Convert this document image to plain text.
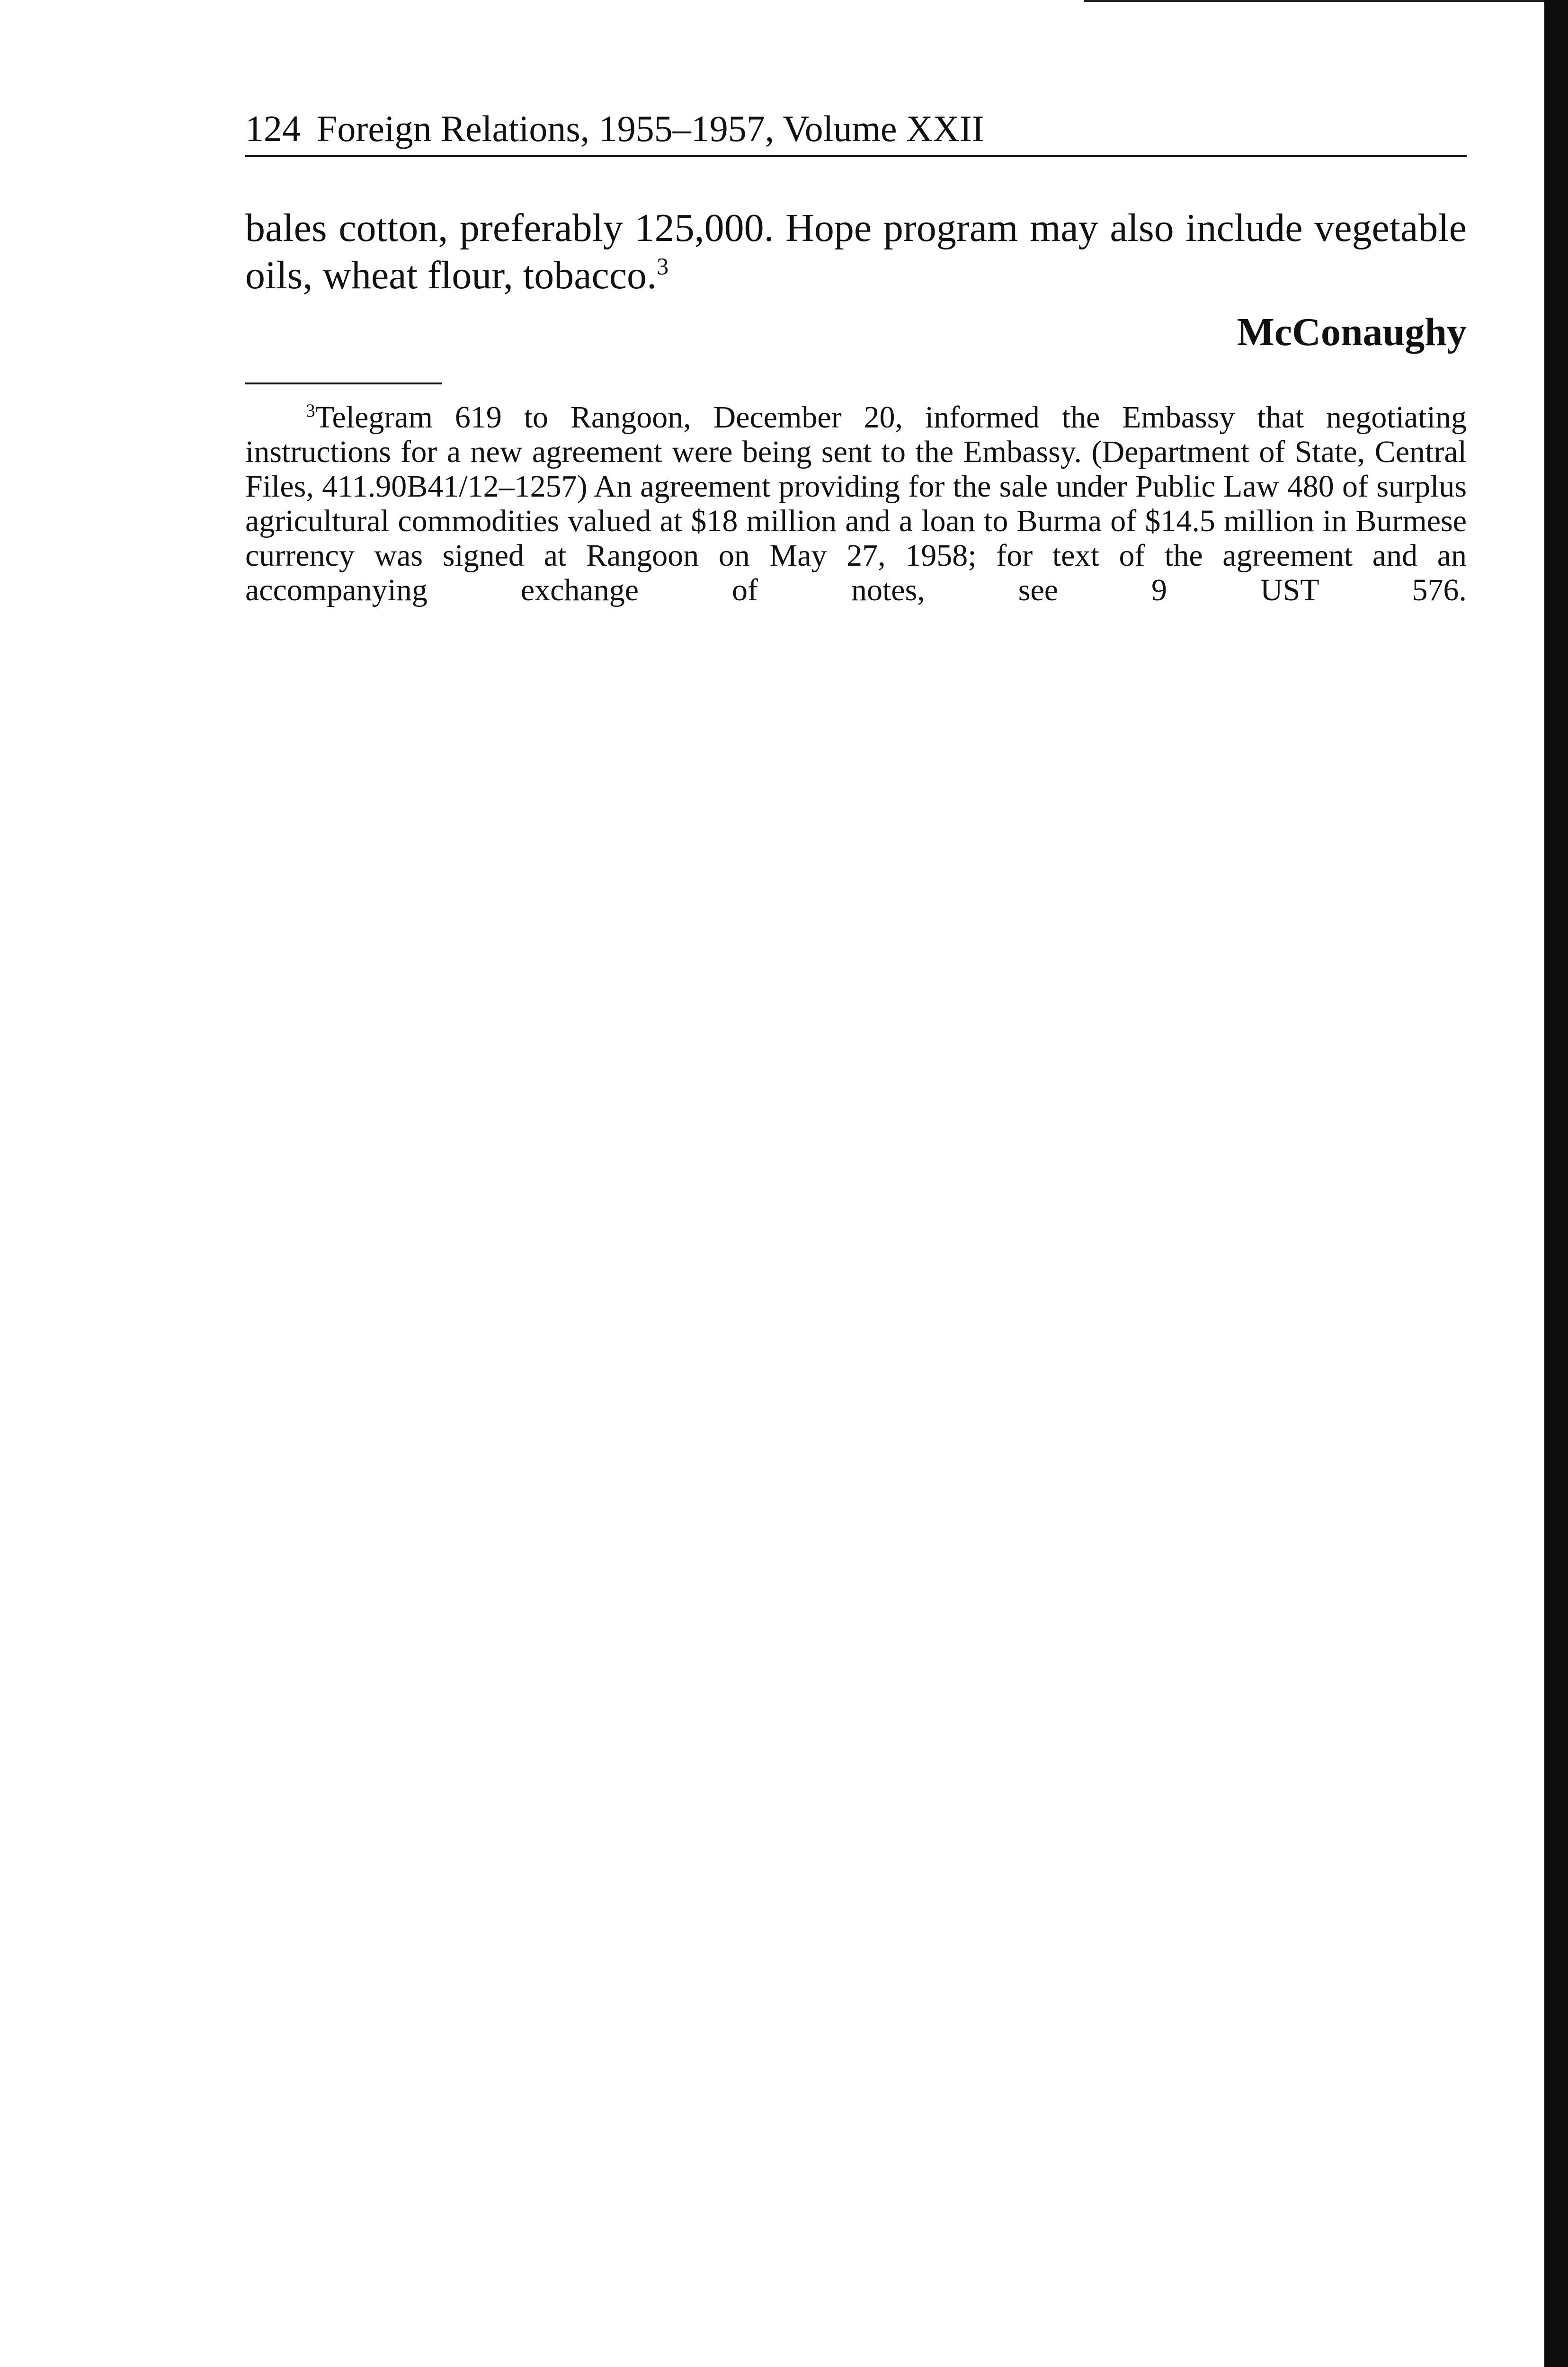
124 Foreign Relations, 1955–1957, Volume XXII

bales cotton, preferably 125,000. Hope program may also include vegetable oils, wheat flour, tobacco.$^3$

McConaughy

$^3$Telegram 619 to Rangoon, December 20, informed the Embassy that negotiating instructions for a new agreement were being sent to the Embassy. (Department of State, Central Files, 411.90B41/12–1257) An agreement providing for the sale under Public Law 480 of surplus agricultural commodities valued at $18 million and a loan to Burma of $14.5 million in Burmese currency was signed at Rangoon on May 27, 1958; for text of the agreement and an accompanying exchange of notes, see 9 UST 576.
